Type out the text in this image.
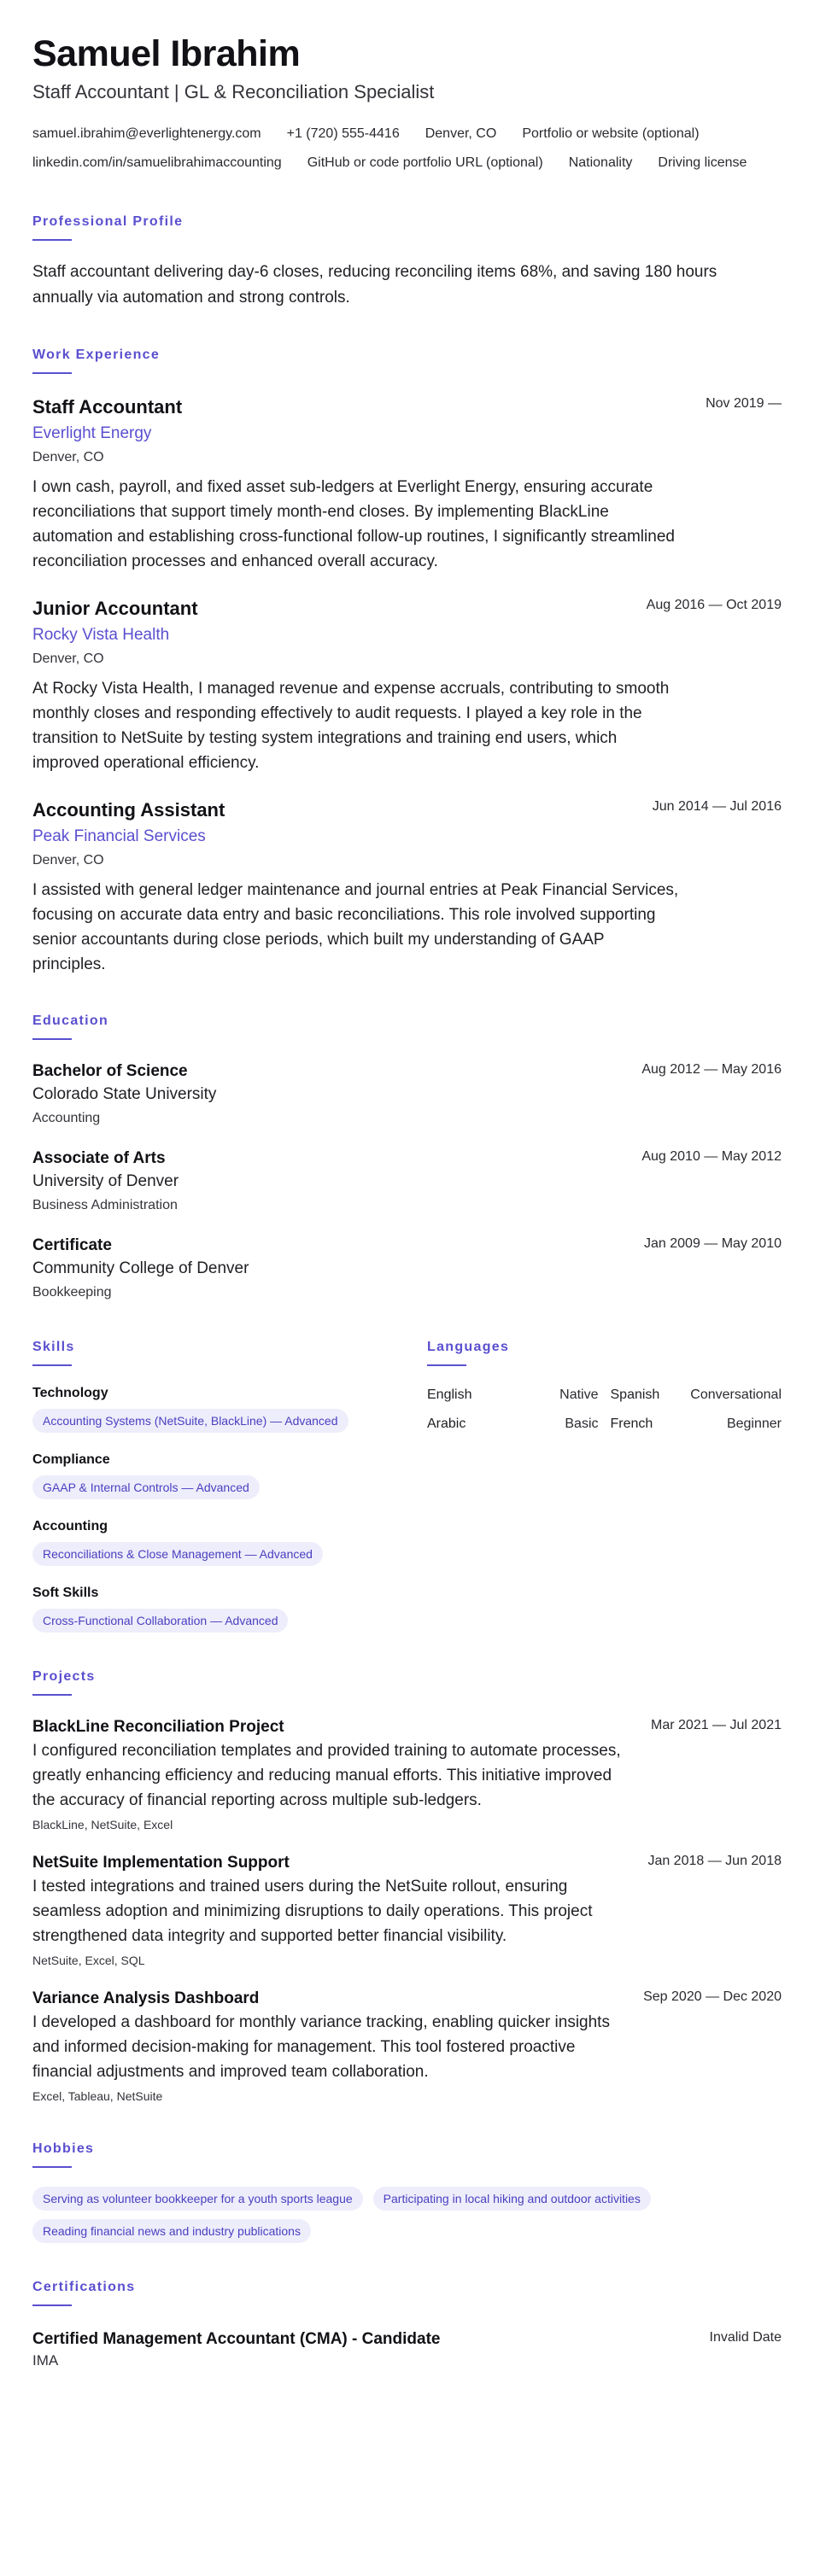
Samuel Ibrahim
Staff Accountant | GL & Reconciliation Specialist
samuel.ibrahim@everlightenergy.com +1 (720) 555-4416 Denver, CO Portfolio or website (optional)
linkedin.com/in/samuelibrahimaccounting GitHub or code portfolio URL (optional) Nationality Driving license
Professional Profile

Staff accountant delivering day-6 closes, reducing reconciling items 68%, and saving 180 hours annually via automation and strong controls.

Work Experience
Staff Accountant	Nov 2019 —
Everlight Energy
Denver, CO

I own cash, payroll, and fixed asset sub-ledgers at Everlight Energy, ensuring accurate reconciliations that support timely month-end closes. By implementing BlackLine automation and establishing cross-functional follow-up routines, I significantly streamlined reconciliation processes and enhanced overall accuracy.

Junior Accountant	Aug 2016 — Oct 2019
Rocky Vista Health
Denver, CO

At Rocky Vista Health, I managed revenue and expense accruals, contributing to smooth monthly closes and responding effectively to audit requests. I played a key role in the transition to NetSuite by testing system integrations and training end users, which improved operational efficiency.

Accounting Assistant	Jun 2014 — Jul 2016
Peak Financial Services
Denver, CO

I assisted with general ledger maintenance and journal entries at Peak Financial Services, focusing on accurate data entry and basic reconciliations. This role involved supporting senior accountants during close periods, which built my understanding of GAAP principles.

Education
Bachelor of Science	Aug 2012 — May 2016
Colorado State University
Accounting
Associate of Arts	Aug 2010 — May 2012
University of Denver
Business Administration
Certificate	Jan 2009 — May 2010
Community College of Denver
Bookkeeping
Skills
Technology
Accounting Systems (NetSuite, BlackLine) — Advanced
Compliance
GAAP & Internal Controls — Advanced
Accounting
Reconciliations & Close Management — Advanced
Soft Skills
Cross-Functional Collaboration — Advanced
Languages
English	Native Spanish Conversational
Arabic	Basic French	Beginner
Projects
BlackLine Reconciliation Project	Mar 2021 — Jul 2021

I configured reconciliation templates and provided training to automate processes, greatly enhancing efficiency and reducing manual efforts. This initiative improved the accuracy of financial reporting across multiple sub-ledgers.

BlackLine, NetSuite, Excel
NetSuite Implementation Support	Jan 2018 — Jun 2018

I tested integrations and trained users during the NetSuite rollout, ensuring seamless adoption and minimizing disruptions to daily operations. This project strengthened data integrity and supported better financial visibility.

NetSuite, Excel, SQL
Variance Analysis Dashboard	Sep 2020 — Dec 2020

I developed a dashboard for monthly variance tracking, enabling quicker insights and informed decision-making for management. This tool fostered proactive financial adjustments and improved team collaboration.

Excel, Tableau, NetSuite
Hobbies
Serving as volunteer bookkeeper for a youth sports league	Participating in local hiking and outdoor activities
Reading financial news and industry publications
Certifications
Certified Management Accountant (CMA) - Candidate	Invalid Date
IMA
